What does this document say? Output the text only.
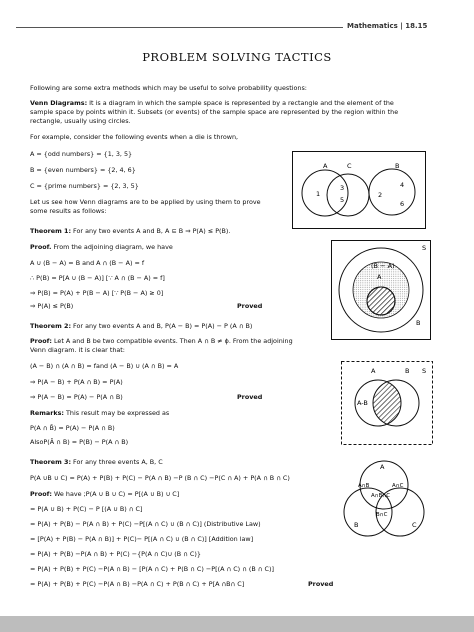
Mathematics | 18.15
PROBLEM SOLVING TACTICS
Following are some extra methods which may be useful to solve probability questions:
Venn Diagrams: It is a diagram in which the sample space is represented by a rectangle and the element of the
sample space by points within it. Subsets (or events) of the sample space are represented by the region within the
rectangle, usually using circles.
For example, consider the following events when a die is thrown,
A = {odd numbers} = {1, 3, 5}
B = {even numbers} = {2, 4, 6}
C = {prime numbers} = {2, 3, 5}
Let us see how Venn diagrams are to be applied by using them to prove
some results as follows:
A	C	B
1
3
5
2
4
6
Theorem 1: For any two events A and B, A ⊆ B ⇒ P(A) ≤ P(B).
Proof. From the adjoining diagram, we have
A ∪ (B − A) = B and A ∩ (B − A) = f
∴ P(B) = P[A ∪ (B − A)] [∵ A ∩ (B − A) = f]
⇒ P(B) = P(A) + P(B − A) [∵ P(B − A) ≥ 0]
⇒ P(A) ≤ P(B)	Proved
S
(B − A)
A
B
Theorem 2: For any two events A and B, P(A − B) = P(A) − P (A ∩ B)
Proof: Let A and B be two compatible events. Then A ∩ B ≠ ϕ. From the adjoining
Venn diagram. it is clear that:
(A − B) ∩ (A ∩ B) = fand (A − B) ∪ (A ∩ B) = A
⇒ P(A − B) + P(A ∩ B) = P(A)
⇒ P(A − B) = P(A) − P(A ∩ B)	Proved
Remarks: This result may be expressed as
P(A ∩ B̄) = P(A) − P(A ∩ B)
AlsoP(Ā ∩ B) = P(B) − P(A ∩ B)
A	B S
A-B
Theorem 3: For any three events A, B, C
P(A ∪B ∪ C) = P(A) + P(B) + P(C) − P(A ∩ B) −P (B ∩ C) −P(C ∩ A) + P(A ∩ B ∩ C)
Proof: We have ;P(A ∪ B ∪ C) = P[(A ∪ B) ∪ C]
= P(A ∪ B) + P(C) − P [(A ∪ B) ∩ C]
= P(A) + P(B) − P(A ∩ B) + P(C) −P[(A ∩ C) ∪ (B ∩ C)] (Distributive Law)
= [P(A) + P(B) − P(A ∩ B)] + P(C)− P[(A ∩ C) ∪ (B ∩ C)] [Addition law]
= P(A) + P(B) −P(A ∩ B) + P(C) −{P(A ∩ C)∪ (B ∩ C)}
= P(A) + P(B) + P(C) −P(A ∩ B) − [P(A ∩ C) + P(B ∩ C) −P[(A ∩ C) ∩ (B ∩ C)]
= P(A) + P(B) + P(C) −P(A ∩ B) −P(A ∩ C) + P(B ∩ C) + P[A ∩B∩ C]	Proved
A
B	C
A∩B	A∩C
A∩B∩C
B∩C
